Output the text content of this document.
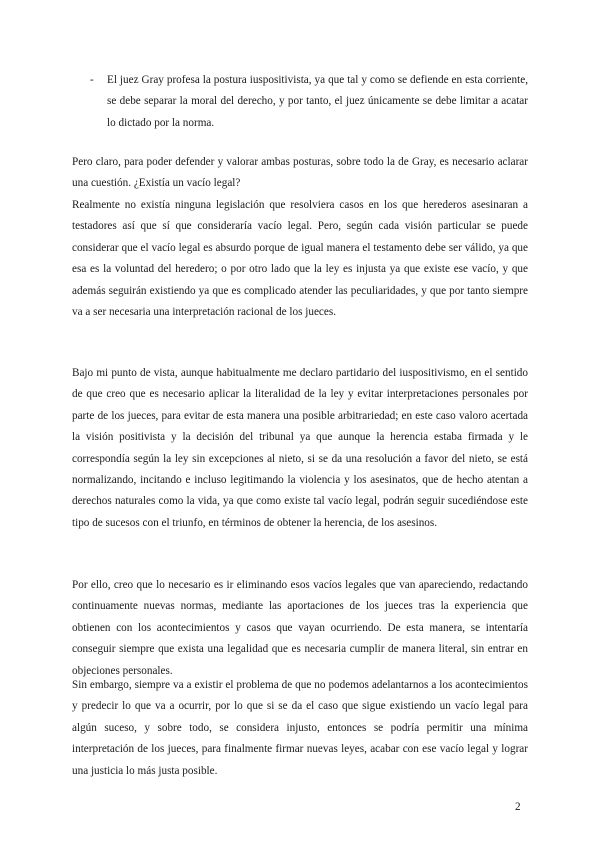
- El juez Gray profesa la postura iuspositivista, ya que tal y como se defiende en esta corriente, se debe separar la moral del derecho, y por tanto, el juez únicamente se debe limitar a acatar lo dictado por la norma.

Pero claro, para poder defender y valorar ambas posturas, sobre todo la de Gray, es necesario aclarar una cuestión. ¿Existía un vacío legal?

Realmente no existía ninguna legislación que resolviera casos en los que herederos asesinaran a testadores así que sí que consideraría vacío legal. Pero, según cada visión particular se puede considerar que el vacío legal es absurdo porque de igual manera el testamento debe ser válido, ya que esa es la voluntad del heredero; o por otro lado que la ley es injusta ya que existe ese vacío, y que además seguirán existiendo ya que es complicado atender las peculiaridades, y que por tanto siempre va a ser necesaria una interpretación racional de los jueces.

Bajo mi punto de vista, aunque habitualmente me declaro partidario del iuspositivismo, en el sentido de que creo que es necesario aplicar la literalidad de la ley y evitar interpretaciones personales por parte de los jueces, para evitar de esta manera una posible arbitrariedad; en este caso valoro acertada la visión positivista y la decisión del tribunal ya que aunque la herencia estaba firmada y le correspondía según la ley sin excepciones al nieto, si se da una resolución a favor del nieto, se está normalizando, incitando e incluso legitimando la violencia y los asesinatos, que de hecho atentan a derechos naturales como la vida, ya que como existe tal vacío legal, podrán seguir sucediéndose este tipo de sucesos con el triunfo, en términos de obtener la herencia, de los asesinos.

Por ello, creo que lo necesario es ir eliminando esos vacíos legales que van apareciendo, redactando continuamente nuevas normas, mediante las aportaciones de los jueces tras la experiencia que obtienen con los acontecimientos y casos que vayan ocurriendo. De esta manera, se intentaría conseguir siempre que exista una legalidad que es necesaria cumplir de manera literal, sin entrar en objeciones personales.

Sin embargo, siempre va a existir el problema de que no podemos adelantarnos a los acontecimientos y predecir lo que va a ocurrir, por lo que si se da el caso que sigue existiendo un vacío legal para algún suceso, y sobre todo, se considera injusto, entonces se podría permitir una mínima interpretación de los jueces, para finalmente firmar nuevas leyes, acabar con ese vacío legal y lograr una justicia lo más justa posible.

2
